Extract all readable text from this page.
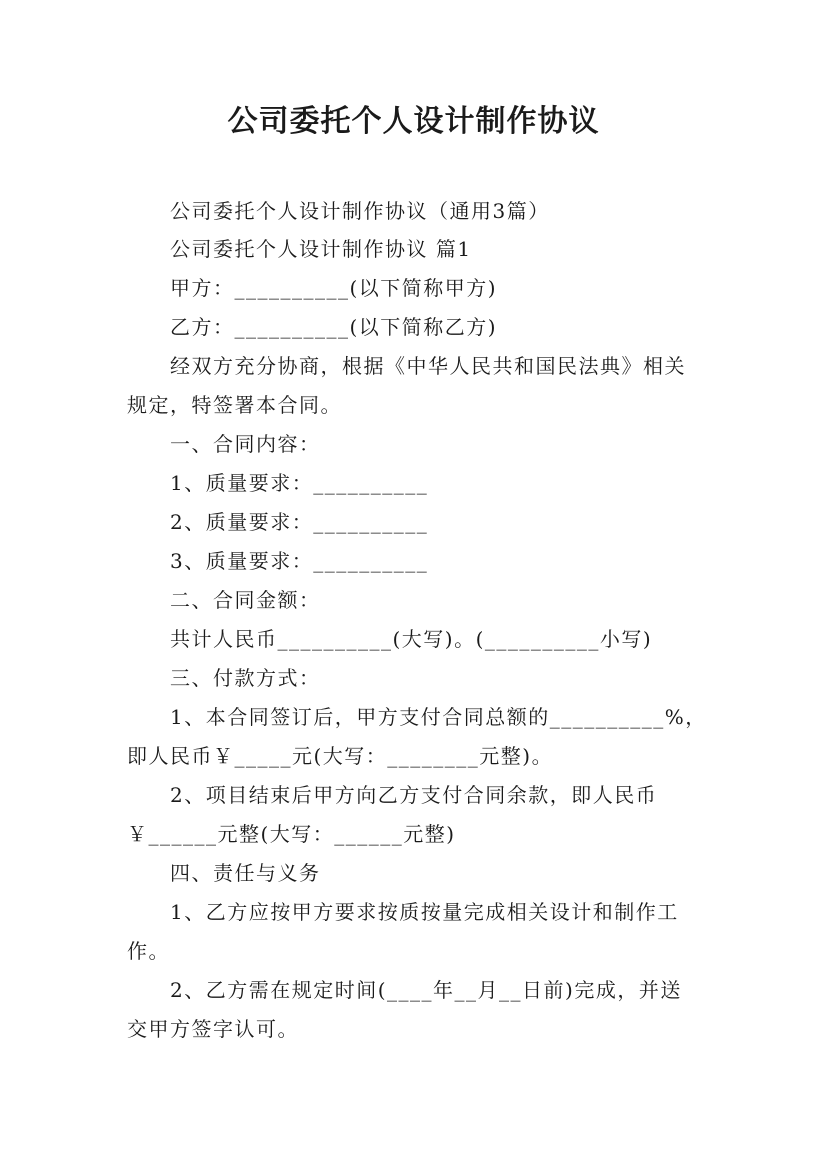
公司委托个人设计制作协议
公司委托个人设计制作协议（通用3篇）
公司委托个人设计制作协议 篇1
甲方：__________(以下简称甲方)
乙方：__________(以下简称乙方)
经双方充分协商，根据《中华人民共和国民法典》相关
规定，特签署本合同。
一、合同内容：
1、质量要求：__________
2、质量要求：__________
3、质量要求：__________
二、合同金额：
共计人民币__________(大写)。(__________小写)
三、付款方式：
1、本合同签订后，甲方支付合同总额的__________%，
即人民币￥_____元(大写：________元整)。
2、项目结束后甲方向乙方支付合同余款，即人民币
￥______元整(大写：______元整)
四、责任与义务
1、乙方应按甲方要求按质按量完成相关设计和制作工
作。
2、乙方需在规定时间(____年__月__日前)完成，并送
交甲方签字认可。
